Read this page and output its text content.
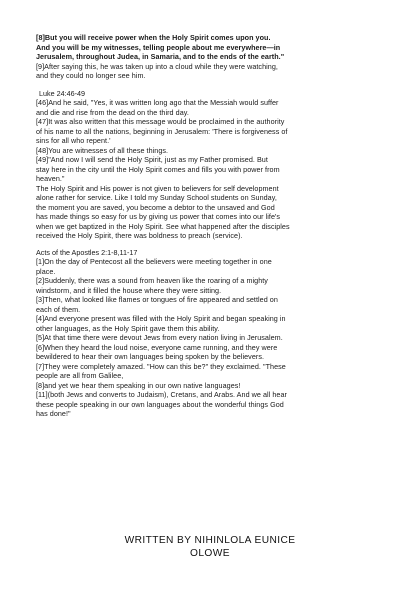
[8]But you will receive power when the Holy Spirit comes upon you.
And you will be my witnesses, telling people about me everywhere—in
Jerusalem, throughout Judea, in Samaria, and to the ends of the earth."

[9]After saying this, he was taken up into a cloud while they were watching,
and they could no longer see him.

Luke 24:46-49

[46]And he said, "Yes, it was written long ago that the Messiah would suffer
and die and rise from the dead on the third day.
[47]It was also written that this message would be proclaimed in the authority
of his name to all the nations, beginning in Jerusalem: 'There is forgiveness of
sins for all who repent.'
[48]You are witnesses of all these things.
[49]"And now I will send the Holy Spirit, just as my Father promised. But
stay here in the city until the Holy Spirit comes and fills you with power from
heaven."

The Holy Spirit and His power is not given to believers for self development
alone rather for service. Like I told my Sunday School students on Sunday,
the moment you are saved, you become a debtor to the unsaved and God
has made things so easy for us by giving us power that comes into our life's
when we get baptized in the Holy Spirit. See what happened after the disciples
received the Holy Spirit, there was boldness to preach (service).

Acts of the Apostles 2:1-8,11-17

[1]On the day of Pentecost all the believers were meeting together in one
place.
[2]Suddenly, there was a sound from heaven like the roaring of a mighty
windstorm, and it filled the house where they were sitting.
[3]Then, what looked like flames or tongues of fire appeared and settled on
each of them.
[4]And everyone present was filled with the Holy Spirit and began speaking in
other languages, as the Holy Spirit gave them this ability.
[5]At that time there were devout Jews from every nation living in Jerusalem.
[6]When they heard the loud noise, everyone came running, and they were
bewildered to hear their own languages being spoken by the believers.
[7]They were completely amazed. "How can this be?" they exclaimed. "These
people are all from Galilee,
[8]and yet we hear them speaking in our own native languages!
[11](both Jews and converts to Judaism), Cretans, and Arabs. And we all hear
these people speaking in our own languages about the wonderful things God
has done!"

WRITTEN BY NIHINLOLA EUNICE
OLOWE
